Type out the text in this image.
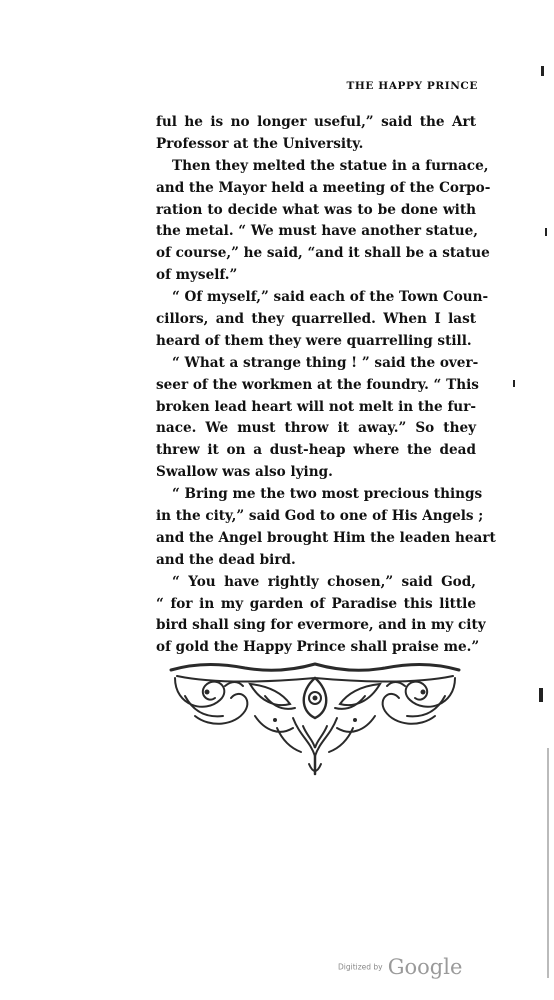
THE HAPPY PRINCE
ful he is no longer useful,” said the Art
Professor at the University.
Then they melted the statue in a furnace,
and the Mayor held a meeting of the Corpo-
ration to decide what was to be done with
the metal. “ We must have another statue,
of course,” he said, “and it shall be a statue
of myself.”
“ Of myself,” said each of the Town Coun-
cillors, and they quarrelled. When I last
heard of them they were quarrelling still.
“ What a strange thing ! ” said the over-
seer of the workmen at the foundry. “ This
broken lead heart will not melt in the fur-
nace. We must throw it away.” So they
threw it on a dust-heap where the dead
Swallow was also lying.
“ Bring me the two most precious things
in the city,” said God to one of His Angels ;
and the Angel brought Him the leaden heart
and the dead bird.
“ You have rightly chosen,” said God,
“ for in my garden of Paradise this little
bird shall sing for evermore, and in my city
of gold the Happy Prince shall praise me.”
Digitized by Google
